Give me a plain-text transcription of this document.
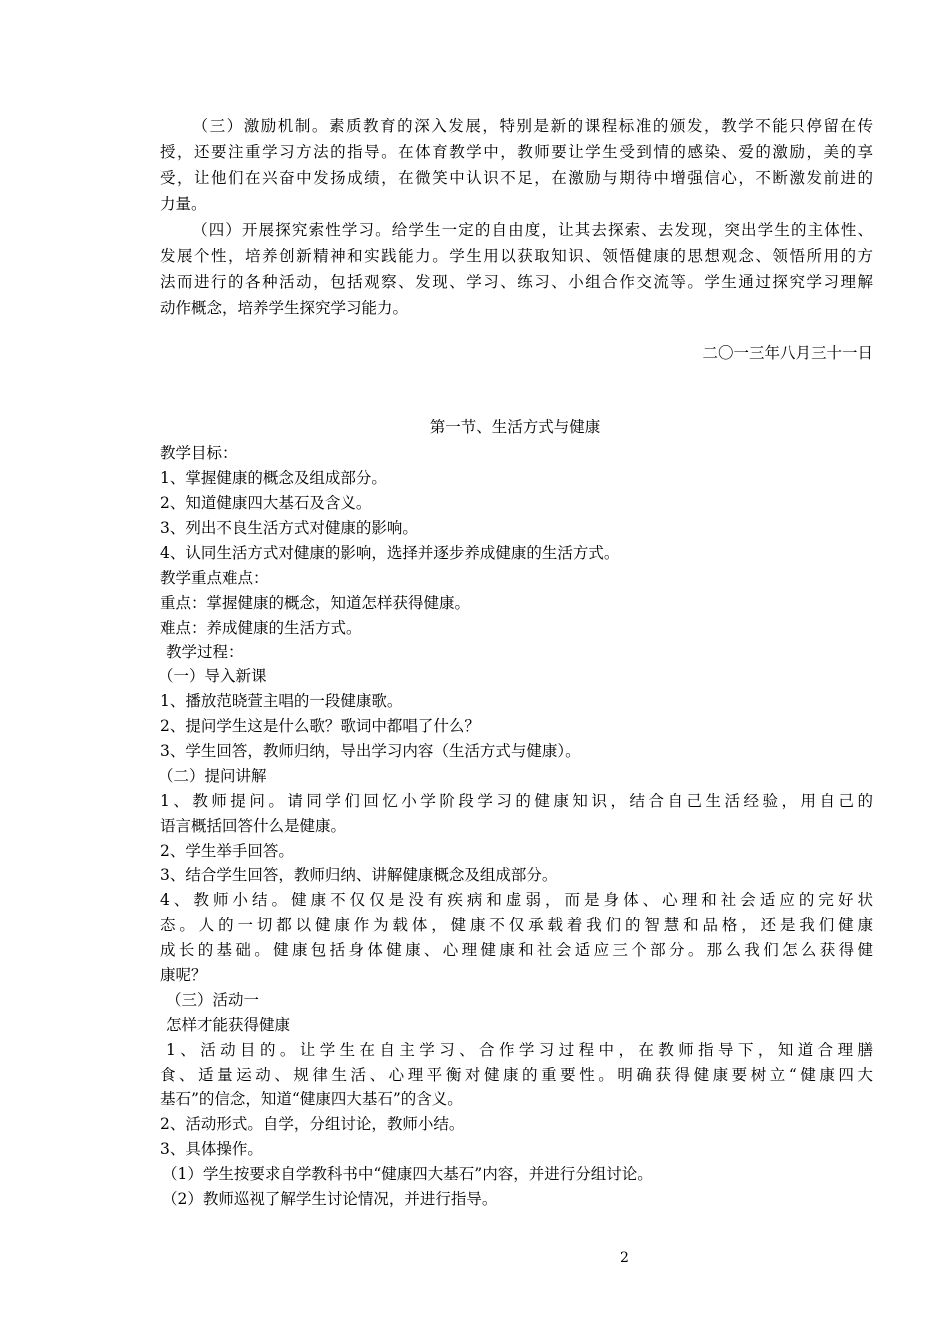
（三）激励机制。素质教育的深入发展，特别是新的课程标准的颁发，教学不能只停留在传

授，还要注重学习方法的指导。在体育教学中，教师要让学生受到情的感染、爱的激励，美的享

受，让他们在兴奋中发扬成绩，在微笑中认识不足，在激励与期待中增强信心，不断激发前进的

力量。

（四）开展探究索性学习。给学生一定的自由度，让其去探索、去发现，突出学生的主体性、

发展个性，培养创新精神和实践能力。学生用以获取知识、领悟健康的思想观念、领悟所用的方

法而进行的各种活动，包括观察、发现、学习、练习、小组合作交流等。学生通过探究学习理解

动作概念，培养学生探究学习能力。

二〇一三年八月三十一日

第一节、生活方式与健康

教学目标：

1、掌握健康的概念及组成部分。

2、知道健康四大基石及含义。

3、列出不良生活方式对健康的影响。

4、认同生活方式对健康的影响，选择并逐步养成健康的生活方式。

教学重点难点：

重点：掌握健康的概念，知道怎样获得健康。

难点：养成健康的生活方式。

教学过程：

（一）导入新课

1、播放范晓萱主唱的一段健康歌。

2、提问学生这是什么歌？歌词中都唱了什么？

3、学生回答，教师归纳，导出学习内容（生活方式与健康）。

（二）提问讲解

1、教师提问。请同学们回忆小学阶段学习的健康知识，结合自己生活经验，用自己的

语言概括回答什么是健康。

2、学生举手回答。

3、结合学生回答，教师归纳、讲解健康概念及组成部分。

4、教师小结。健康不仅仅是没有疾病和虚弱，而是身体、心理和社会适应的完好状

态。人的一切都以健康作为载体，健康不仅承载着我们的智慧和品格，还是我们健康

成长的基础。健康包括身体健康、心理健康和社会适应三个部分。那么我们怎么获得健

康呢？

（三）活动一

怎样才能获得健康

1、活动目的。让学生在自主学习、合作学习过程中，在教师指导下，知道合理膳

食、适量运动、规律生活、心理平衡对健康的重要性。明确获得健康要树立“健康四大

基石”的信念，知道“健康四大基石”的含义。

2、活动形式。自学，分组讨论，教师小结。

3、具体操作。

（1）学生按要求自学教科书中“健康四大基石”内容，并进行分组讨论。

（2）教师巡视了解学生讨论情况，并进行指导。

2
